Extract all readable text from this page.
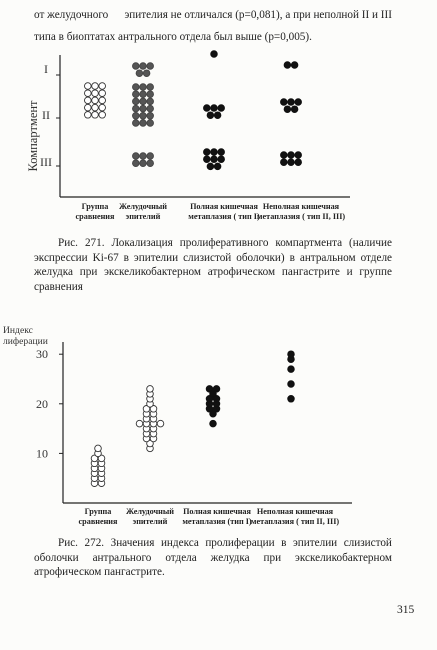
от желудочного эпителия не отличался (р=0,081), а при неполной II и III
типа в биоптатах антрального отдела был выше (р=0,005).
Компартмент
I
II
III
Группа
сравнения
Желудочный
эпителий
Полная кишечная
метаплазия ( тип I)
Неполная кишечная
метаплазия ( тип II, III)
Рис. 271. Локализация пролиферативного компартмента (наличие
экспрессии Ki-67 в эпителии слизистой оболочки) в антральном отделе
желудка при экскеликобактерном атрофическом пангастрите и группе
сравнения
Индекс
лиферации
10
20
30
Группа
сравнения
Желудочный
эпителий
Полная кишечная
метаплазия (тип I)
Неполная кишечная
метаплазия ( тип II, III)
Рис. 272. Значения индекса пролиферации в эпителии слизистой
оболочки антрального отдела желудка при экскеликобактерном
атрофическом пангастрите.
315
